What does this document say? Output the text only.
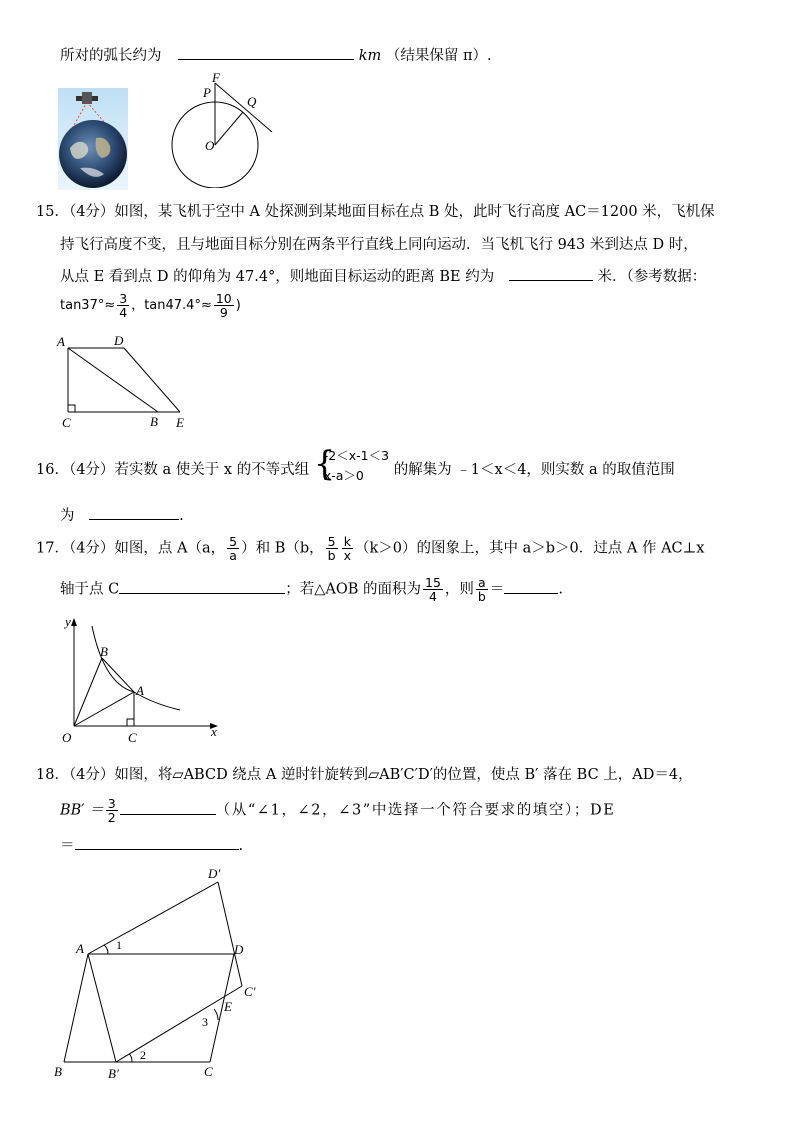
所对的弧长约为	km （结果保留 π）.
F
P
Q
O
15．（4分）如图，某飞机于空中 A 处探测到某地面目标在点 B 处，此时飞行高度 AC＝1200 米，飞机保
持飞行高度不变，且与地面目标分别在两条平行直线上同向运动．当飞机飞行 943 米到达点 D 时，
从点 E 看到点 D 的仰角为 47.4°，则地面目标运动的距离 BE 约为	米．（参考数据：
$\tan 37^\circ\approx \frac{3}{4}$ ，$\tan 47.4^\circ\approx \frac{10}{9}$ )
A	D
C	B E
16．（4分）若实数 a 使关于 x 的不等式组 {
-2＜x-1＜3
x-a＞0	的解集为 ﹣1＜x＜4，则实数 a 的取值范围
为	.
17．（4分）如图，点 A（a， $\frac{5}{a}$ ）和 B（b， $\frac{5}{b} \frac{k}{x} (k>0)$的图象上，其中 a＞b＞0．过点 A 作 AC⊥x
轴于点 C	；若△AOB 的面积为 $\frac{15}{4}$ ，则 $\frac{a}{b}$ ＝	.
y
x
B
A
O	C
18．（4分）如图，将▱ABCD 绕点 A 逆时针旋转到▱AB′C′D′的位置，使点 B′ 落在 BC 上，AD＝4，
$BB' = \frac{3}{2}$	（从“∠1，∠2，∠3”中选择一个符合要求的填空）；DE
＝	.
D′
A	1	D
C′
E
3
2
B	B′	C
